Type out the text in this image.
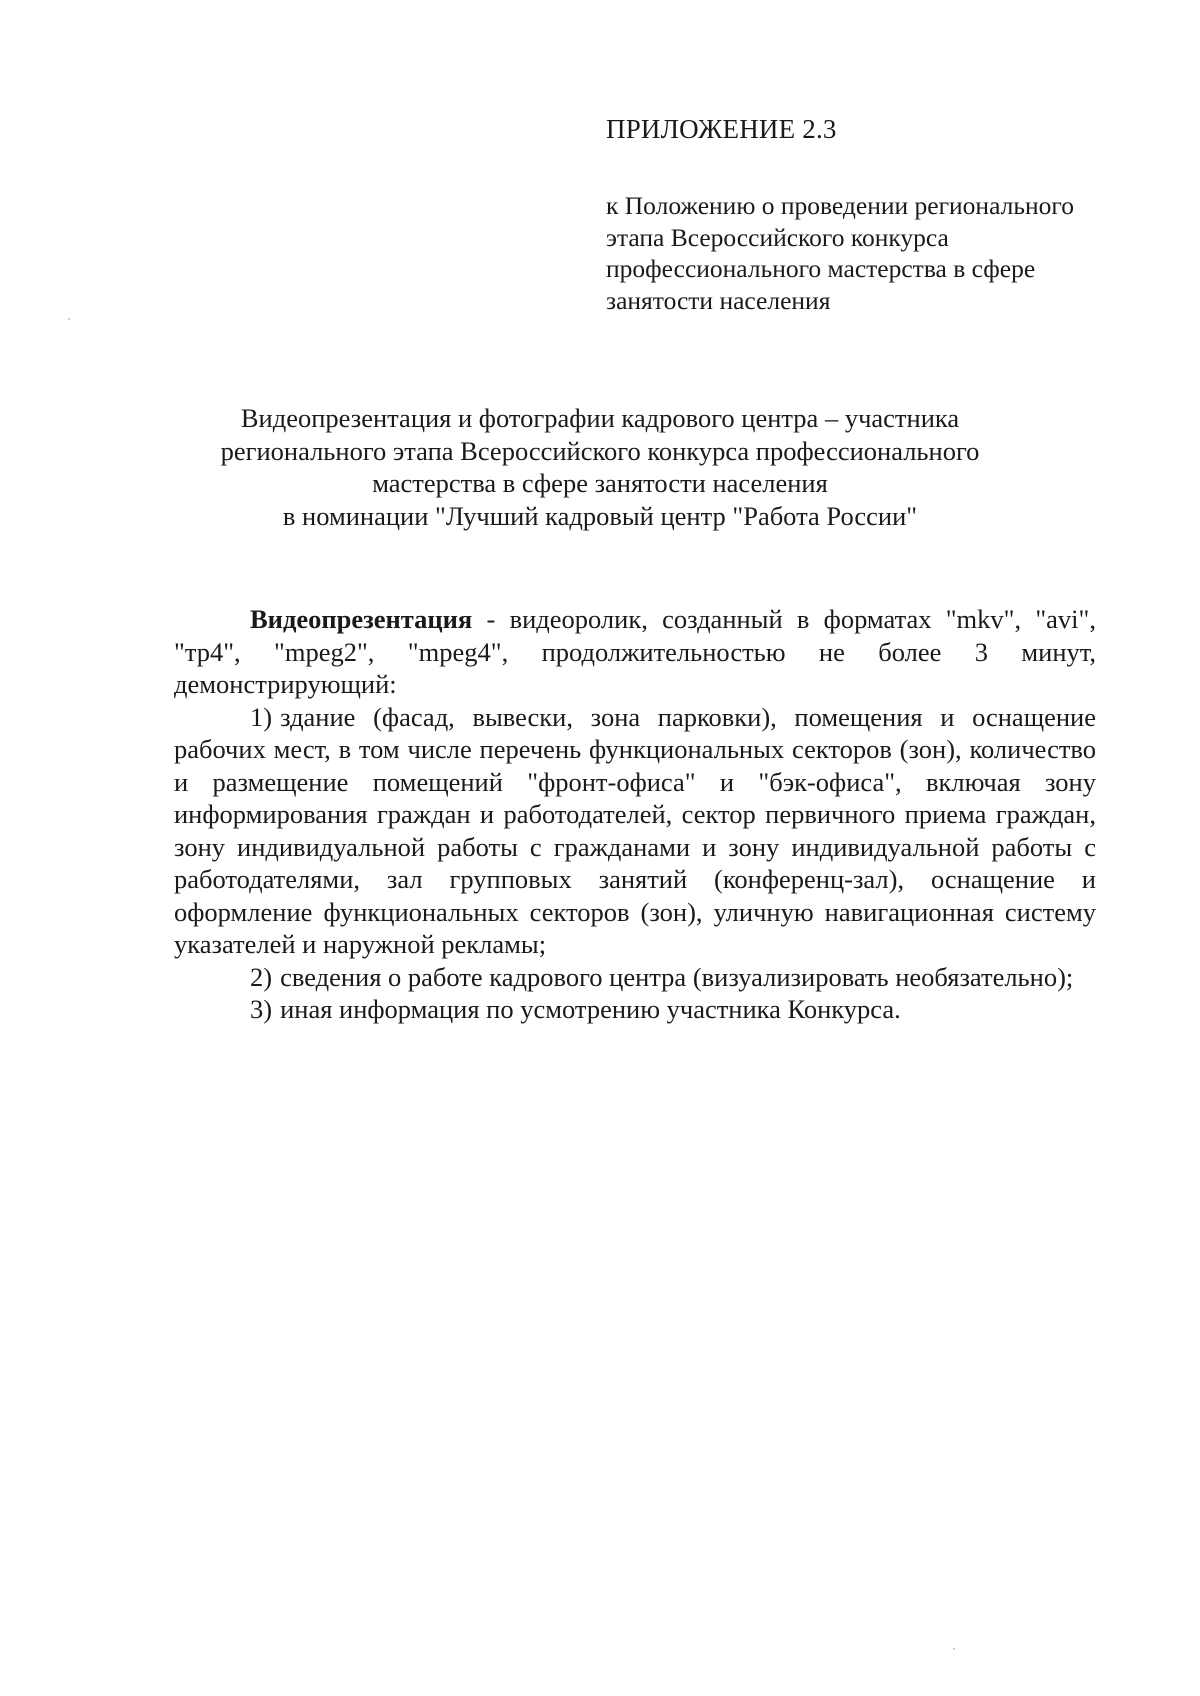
ПРИЛОЖЕНИЕ 2.3

к Положению о проведении регионального
этапа Всероссийского конкурса
профессионального мастерства в сфере
занятости населения

Видеопрезентация и фотографии кадрового центра – участника
регионального этапа Всероссийского конкурса профессионального
мастерства в сфере занятости населения
в номинации "Лучший кадровый центр "Работа России"

Видеопрезентация - видеоролик, созданный в форматах "mkv", "avi", "тр4", "mpeg2", "mpeg4", продолжительностью не более 3 минут, демонстрирующий:

1) здание (фасад, вывески, зона парковки), помещения и оснащение рабочих мест, в том числе перечень функциональных секторов (зон), количество и размещение помещений "фронт-офиса" и "бэк-офиса", включая зону информирования граждан и работодателей, сектор первичного приема граждан, зону индивидуальной работы с гражданами и зону индивидуальной работы с работодателями, зал групповых занятий (конференц-зал), оснащение и оформление функциональных секторов (зон), уличную навигационная систему указателей и наружной рекламы;

2) сведения о работе кадрового центра (визуализировать необязательно);

3) иная информация по усмотрению участника Конкурса.
